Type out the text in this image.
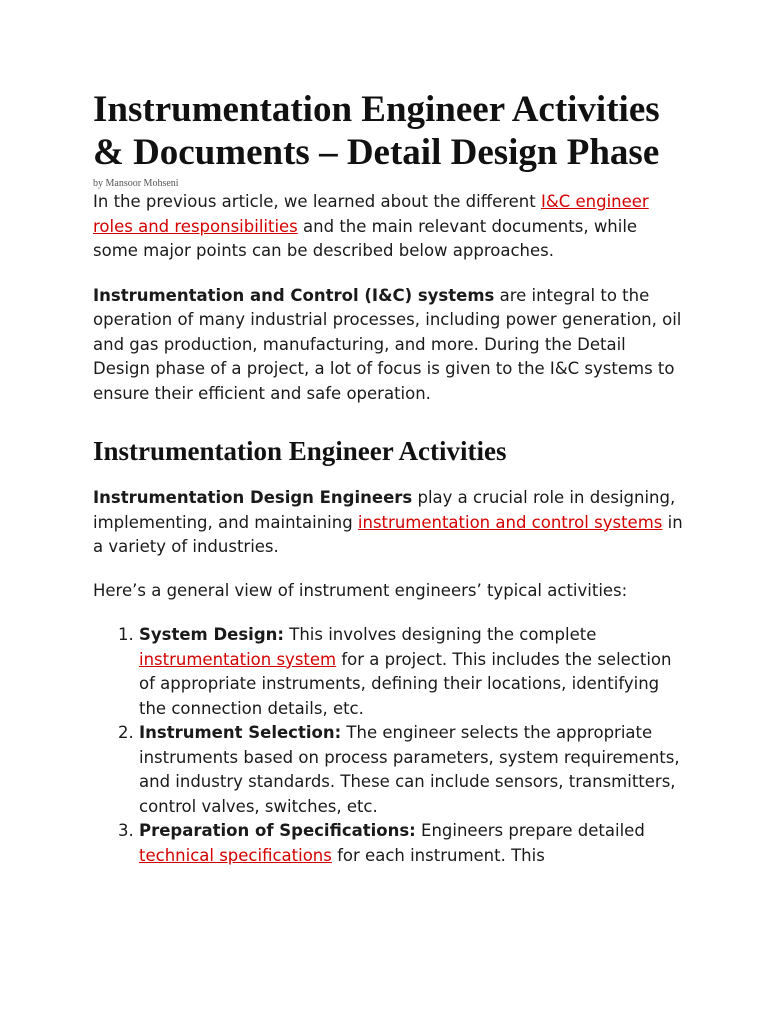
Instrumentation Engineer Activities & Documents – Detail Design Phase
by Mansoor Mohseni

In the previous article, we learned about the different I&C engineer roles and responsibilities and the main relevant documents, while some major points can be described below approaches.

Instrumentation and Control (I&C) systems are integral to the operation of many industrial processes, including power generation, oil and gas production, manufacturing, and more. During the Detail Design phase of a project, a lot of focus is given to the I&C systems to ensure their efficient and safe operation.

Instrumentation Engineer Activities

Instrumentation Design Engineers play a crucial role in designing, implementing, and maintaining instrumentation and control systems in a variety of industries.

Here’s a general view of instrument engineers’ typical activities:

1. System Design: This involves designing the complete instrumentation system for a project. This includes the selection of appropriate instruments, defining their locations, identifying the connection details, etc.
2. Instrument Selection: The engineer selects the appropriate instruments based on process parameters, system requirements, and industry standards. These can include sensors, transmitters, control valves, switches, etc.
3. Preparation of Specifications: Engineers prepare detailed technical specifications for each instrument. This
